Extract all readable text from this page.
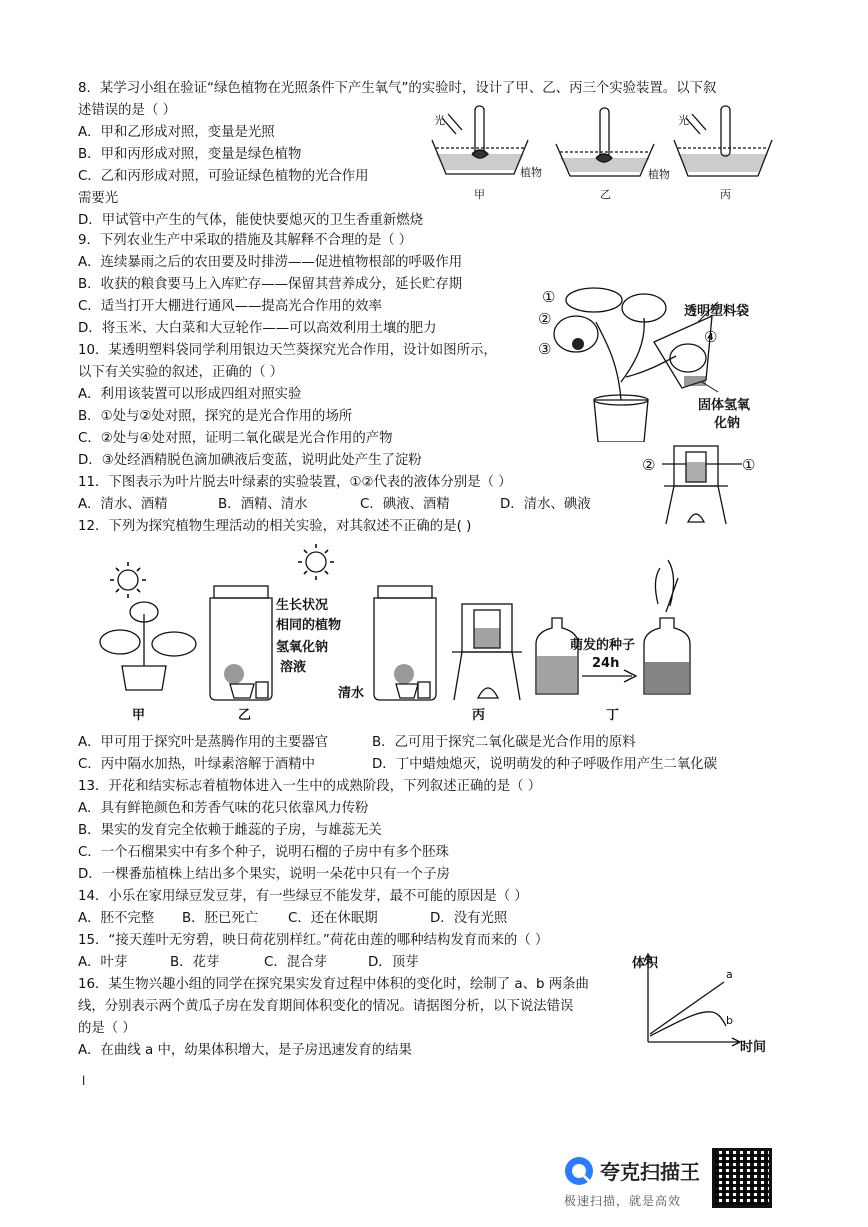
8．某学习小组在验证“绿色植物在光照条件下产生氧气”的实验时，设计了甲、乙、丙三个实验装置。以下叙
述错误的是（ ）
A．甲和乙形成对照，变量是光照
B．甲和丙形成对照，变量是绿色植物
C．乙和丙形成对照，可验证绿色植物的光合作用
需要光
D．甲试管中产生的气体，能使快要熄灭的卫生香重新燃烧
光	光
植物	植物
甲	乙	丙
9．下列农业生产中采取的措施及其解释不合理的是（ ）
A．连续暴雨之后的农田要及时排涝——促进植物根部的呼吸作用
B．收获的粮食要马上入库贮存——保留其营养成分，延长贮存期
C．适当打开大棚进行通风——提高光合作用的效率
D．将玉米、大白菜和大豆轮作——可以高效利用土壤的肥力
10．某透明塑料袋同学利用银边天竺葵探究光合作用，设计如图所示，
以下有关实验的叙述，正确的（ ）
A．利用该装置可以形成四组对照实验
B．①处与②处对照，探究的是光合作用的场所
C．②处与④处对照，证明二氧化碳是光合作用的产物
D．③处经酒精脱色滴加碘液后变蓝，说明此处产生了淀粉
透明塑料袋
固体氢氧
化钠
①
②
③
④
11．下图表示为叶片脱去叶绿素的实验装置，①②代表的液体分别是（ ）
A．清水、酒精	B．酒精、清水	C．碘液、酒精	D．清水、碘液
②	①
12．下列为探究植物生理活动的相关实验，对其叙述不正确的是( )
生长状况
相同的植物
氢氧化钠
溶液
清水
萌发的种子
24h
甲	乙	丙	丁
A．甲可用于探究叶是蒸腾作用的主要器官	B．乙可用于探究二氧化碳是光合作用的原料
C．丙中隔水加热，叶绿素溶解于酒精中	D．丁中蜡烛熄灭，说明萌发的种子呼吸作用产生二氧化碳
13．开花和结实标志着植物体进入一生中的成熟阶段，下列叙述正确的是（ ）
A．具有鲜艳颜色和芳香气味的花只依靠风力传粉
B．果实的发育完全依赖于雌蕊的子房，与雄蕊无关
C．一个石榴果实中有多个种子，说明石榴的子房中有多个胚珠
D．一棵番茄植株上结出多个果实，说明一朵花中只有一个子房
14．小乐在家用绿豆发豆芽，有一些绿豆不能发芽，最不可能的原因是（ ）
A．胚不完整 B．胚已死亡 C．还在休眠期	D．没有光照
15．“接天莲叶无穷碧，映日荷花别样红。”荷花由莲的哪种结构发育而来的（ ）
A．叶芽	B．花芽	C．混合芽	D．顶芽
16．某生物兴趣小组的同学在探究果实发育过程中体积的变化时，绘制了 a、b 两条曲
线，分别表示两个黄瓜子房在发育期间体积变化的情况。请据图分析，以下说法错误
的是（ ）
A．在曲线 a 中，幼果体积增大，是子房迅速发育的结果
体积
时间
a
b
l
夸克扫描王
极速扫描，就是高效
